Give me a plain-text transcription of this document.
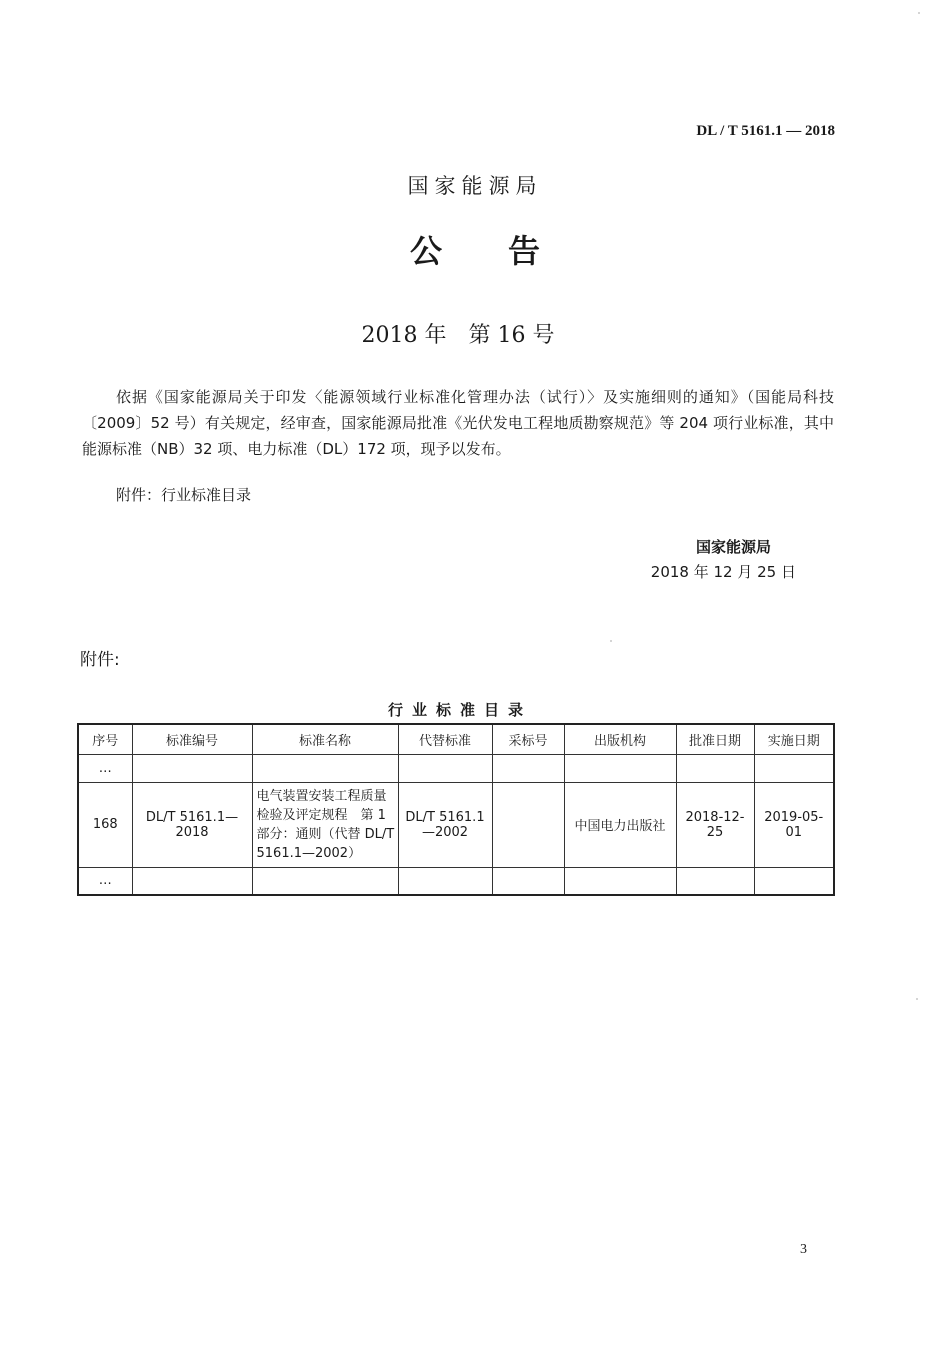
DL / T 5161.1 — 2018
国家能源局
公 告
2018 年 第 16 号
依据《国家能源局关于印发〈能源领域行业标准化管理办法（试行）〉及实施细则的通知》（国能局科技〔2009〕52 号）有关规定，经审查，国家能源局批准《光伏发电工程地质勘察规范》等 204 项行业标准，其中能源标准（NB）32 项、电力标准（DL）172 项，现予以发布。
附件：行业标准目录
国家能源局
2018 年 12 月 25 日
附件:
行业标准目录
序号	标准编号	标准名称	代替标准	采标号	出版机构	批准日期	实施日期
…							
168	DL/T 5161.1—2018	电气装置安装工程质量检验及评定规程　第 1 部分：通则（代替 DL/T 5161.1—2002）	DL/T 5161.1—2002		中国电力出版社	2018-12-25	2019-05-01
…							
3
